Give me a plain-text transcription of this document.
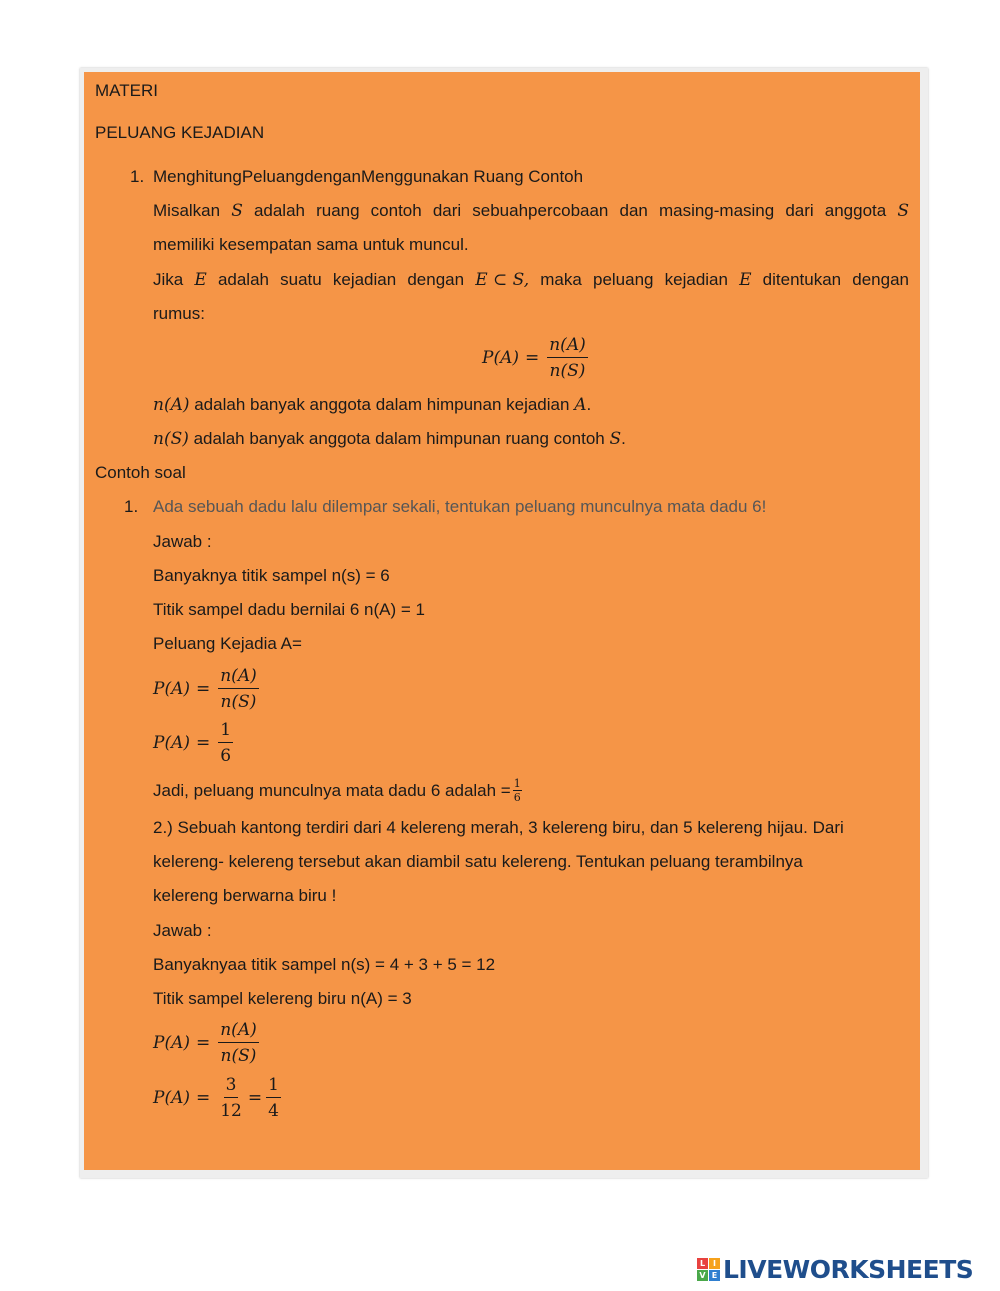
MATERI
PELUANG KEJADIAN
1. MenghitungPeluangdenganMenggunakan Ruang Contoh
Misalkan S adalah ruang contoh dari sebuahpercobaan dan masing-masing dari anggota S
memiliki kesempatan sama untuk muncul.
Jika E adalah suatu kejadian dengan E ⊂ S, maka peluang kejadian E ditentukan dengan
rumus:
$P(A) = \frac{n(A)}{n(S)}$
n(A) adalah banyak anggota dalam himpunan kejadian A.
n(S) adalah banyak anggota dalam himpunan ruang contoh S.
Contoh soal
1. Ada sebuah dadu lalu dilempar sekali, tentukan peluang munculnya mata dadu 6!
Jawab :
Banyaknya titik sampel n(s) = 6
Titik sampel dadu bernilai 6 n(A) = 1
Peluang Kejadia A=
$P(A) = \frac{n(A)}{n(S)}$
$P(A) = \frac{1}{6}$
Jadi, peluang munculnya mata dadu 6 adalah = $\frac{1}{6}$
2.) Sebuah kantong terdiri dari 4 kelereng merah, 3 kelereng biru, dan 5 kelereng hijau. Dari
kelereng- kelereng tersebut akan diambil satu kelereng. Tentukan peluang terambilnya
kelereng berwarna biru !
Jawab :
Banyaknyaa titik sampel n(s) = 4 + 3 + 5 = 12
Titik sampel kelereng biru n(A) = 3
$P(A) = \frac{n(A)}{n(S)}$
$P(A) = \frac{3}{12} = \frac{1}{4}$
L I
V E LIVEWORKSHEETS
